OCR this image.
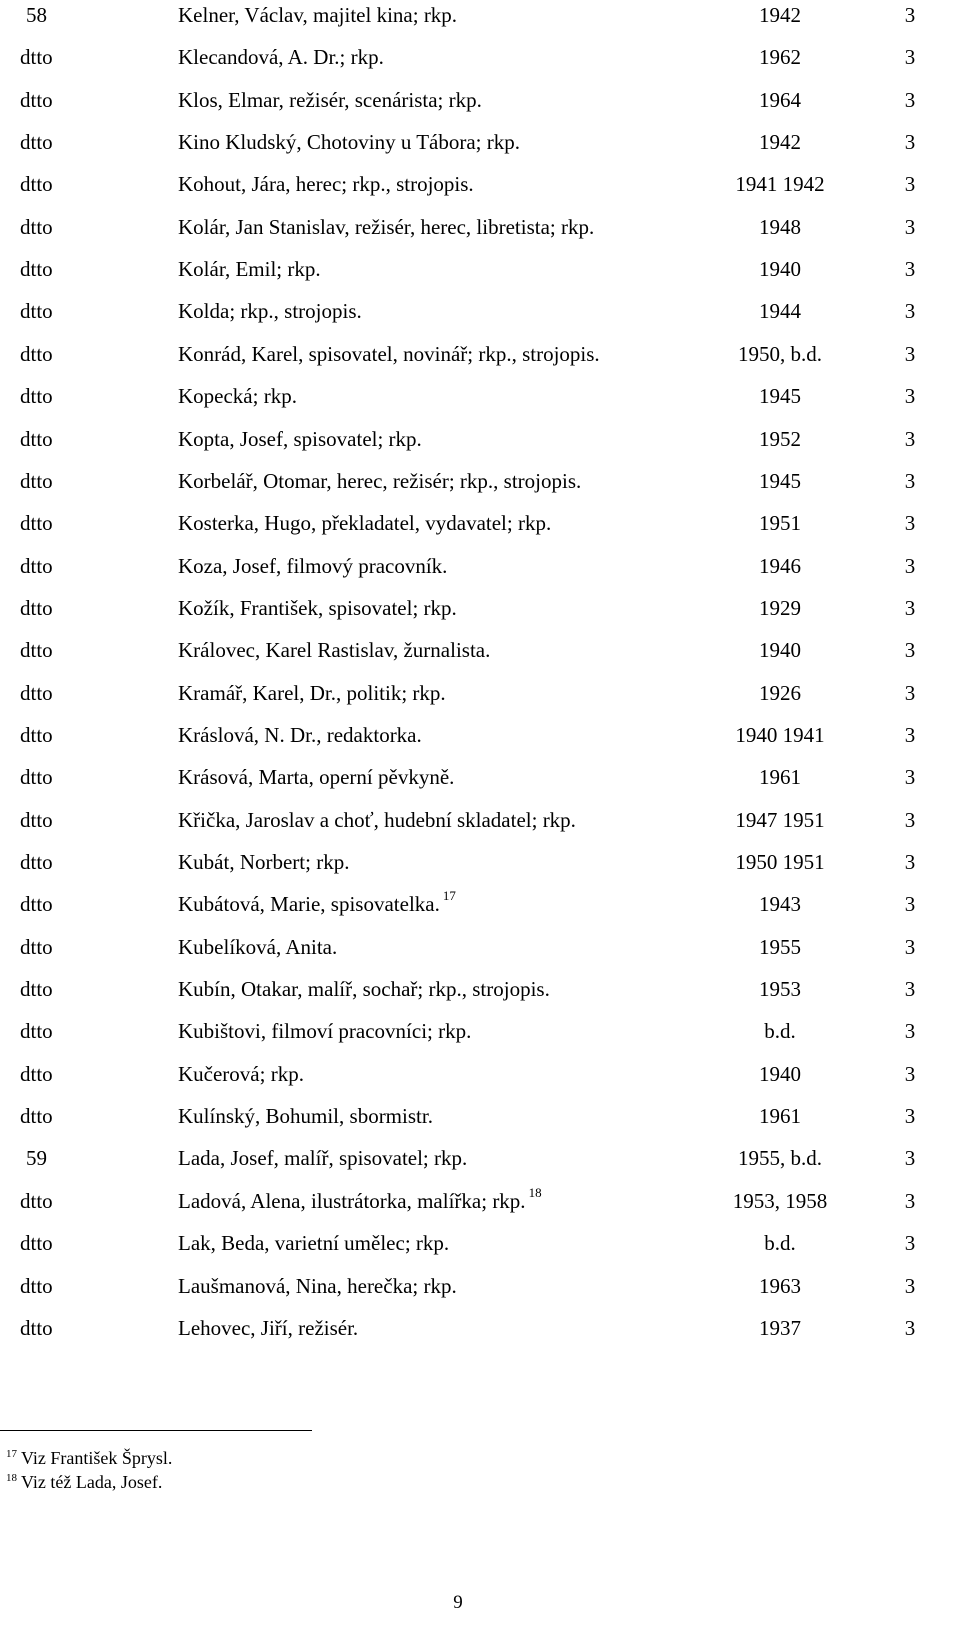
58	Kelner, Václav, majitel kina; rkp.	1942	3
dtto	Klecandová, A. Dr.; rkp.	1962	3
dtto	Klos, Elmar, režisér, scenárista; rkp.	1964	3
dtto	Kino Kludský, Chotoviny u Tábora; rkp.	1942	3
dtto	Kohout, Jára, herec; rkp., strojopis.	1941 1942	3
dtto	Kolár, Jan Stanislav, režisér, herec, libretista; rkp.	1948	3
dtto	Kolár, Emil; rkp.	1940	3
dtto	Kolda; rkp., strojopis.	1944	3
dtto	Konrád, Karel, spisovatel, novinář; rkp., strojopis.	1950, b.d.	3
dtto	Kopecká; rkp.	1945	3
dtto	Kopta, Josef, spisovatel; rkp.	1952	3
dtto	Korbelář, Otomar, herec, režisér; rkp., strojopis.	1945	3
dtto	Kosterka, Hugo, překladatel, vydavatel; rkp.	1951	3
dtto	Koza, Josef, filmový pracovník.	1946	3
dtto	Kožík, František, spisovatel; rkp.	1929	3
dtto	Královec, Karel Rastislav, žurnalista.	1940	3
dtto	Kramář, Karel, Dr., politik; rkp.	1926	3
dtto	Kráslová, N. Dr., redaktorka.	1940 1941	3
dtto	Krásová, Marta, operní pěvkyně.	1961	3
dtto	Křička, Jaroslav a choť, hudební skladatel; rkp.	1947 1951	3
dtto	Kubát, Norbert; rkp.	1950 1951	3
dtto	Kubátová, Marie, spisovatelka. $^{17}$	1943	3
dtto	Kubelíková, Anita.	1955	3
dtto	Kubín, Otakar, malíř, sochař; rkp., strojopis.	1953	3
dtto	Kubištovi, filmoví pracovníci; rkp.	b.d.	3
dtto	Kučerová; rkp.	1940	3
dtto	Kulínský, Bohumil, sbormistr.	1961	3
59	Lada, Josef, malíř, spisovatel; rkp.	1955, b.d.	3
dtto	Ladová, Alena, ilustrátorka, malířka; rkp. $^{18}$	1953, 1958	3
dtto	Lak, Beda, varietní umělec; rkp.	b.d.	3
dtto	Laušmanová, Nina, herečka; rkp.	1963	3
dtto	Lehovec, Jiří, režisér.	1937	3
$^{17}$ Viz František Šprysl.
$^{18}$ Viz též Lada, Josef.
9
